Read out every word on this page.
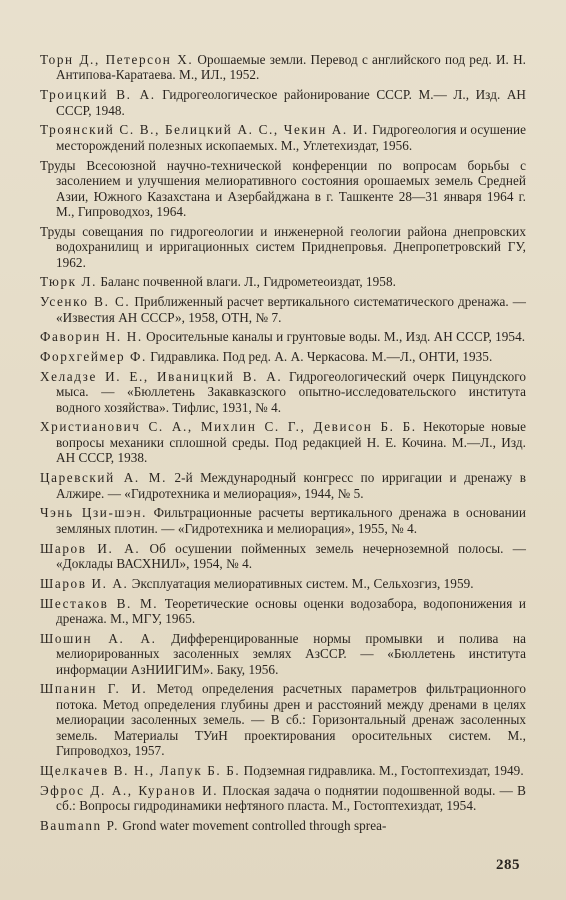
Торн Д., Петерсон Х. Орошаемые земли. Перевод с английского под ред. И. Н. Антипова-Каратаева. М., ИЛ., 1952.
Троицкий В. А. Гидрогеологическое районирование СССР. М.— Л., Изд. АН СССР, 1948.
Троянский С. В., Белицкий А. С., Чекин А. И. Гидрогеология и осушение месторождений полезных ископаемых. М., Углетехиздат, 1956.
Труды Всесоюзной научно-технической конференции по вопросам борьбы с засолением и улучшения мелиоративного состояния орошаемых земель Средней Азии, Южного Казахстана и Азербайджана в г. Ташкенте 28—31 января 1964 г. М., Гипроводхоз, 1964.
Труды совещания по гидрогеологии и инженерной геологии района днепровских водохранилищ и ирригационных систем Приднепровья. Днепропетровский ГУ, 1962.
Тюрк Л. Баланс почвенной влаги. Л., Гидрометеоиздат, 1958.
Усенко В. С. Приближенный расчет вертикального систематического дренажа. — «Известия АН СССР», 1958, ОТН, № 7.
Фаворин Н. Н. Оросительные каналы и грунтовые воды. М., Изд. АН СССР, 1954.
Форхгеймер Ф. Гидравлика. Под ред. А. А. Черкасова. М.—Л., ОНТИ, 1935.
Хеладзе И. Е., Иваницкий В. А. Гидрогеологический очерк Пицундского мыса. — «Бюллетень Закавказского опытно-исследовательского института водного хозяйства». Тифлис, 1931, № 4.
Христианович С. А., Михлин С. Г., Девисон Б. Б. Некоторые новые вопросы механики сплошной среды. Под редакцией Н. Е. Кочина. М.—Л., Изд. АН СССР, 1938.
Царевский А. М. 2-й Международный конгресс по ирригации и дренажу в Алжире. — «Гидротехника и мелиорация», 1944, № 5.
Чэнь Цзи-шэн. Фильтрационные расчеты вертикального дренажа в основании земляных плотин. — «Гидротехника и мелиорация», 1955, № 4.
Шаров И. А. Об осушении пойменных земель нечерноземной полосы. — «Доклады ВАСХНИЛ», 1954, № 4.
Шаров И. А. Эксплуатация мелиоративных систем. М., Сельхозгиз, 1959.
Шестаков В. М. Теоретические основы оценки водозабора, водопонижения и дренажа. М., МГУ, 1965.
Шошин А. А. Дифференцированные нормы промывки и полива на мелиорированных засоленных землях АзССР. — «Бюллетень института информации АзНИИГИМ». Баку, 1956.
Шпанин Г. И. Метод определения расчетных параметров фильтрационного потока. Метод определения глубины дрен и расстояний между дренами в целях мелиорации засоленных земель. — В сб.: Горизонтальный дренаж засоленных земель. Материалы ТУиН проектирования оросительных систем. М., Гипроводхоз, 1957.
Щелкачев В. Н., Лапук Б. Б. Подземная гидравлика. М., Гостоптехиздат, 1949.
Эфрос Д. А., Куранов И. Плоская задача о поднятии подошвенной воды. — В сб.: Вопросы гидродинамики нефтяного пласта. М., Гостоптехиздат, 1954.
Baumann P. Grond water movement controlled through sprea-
285
